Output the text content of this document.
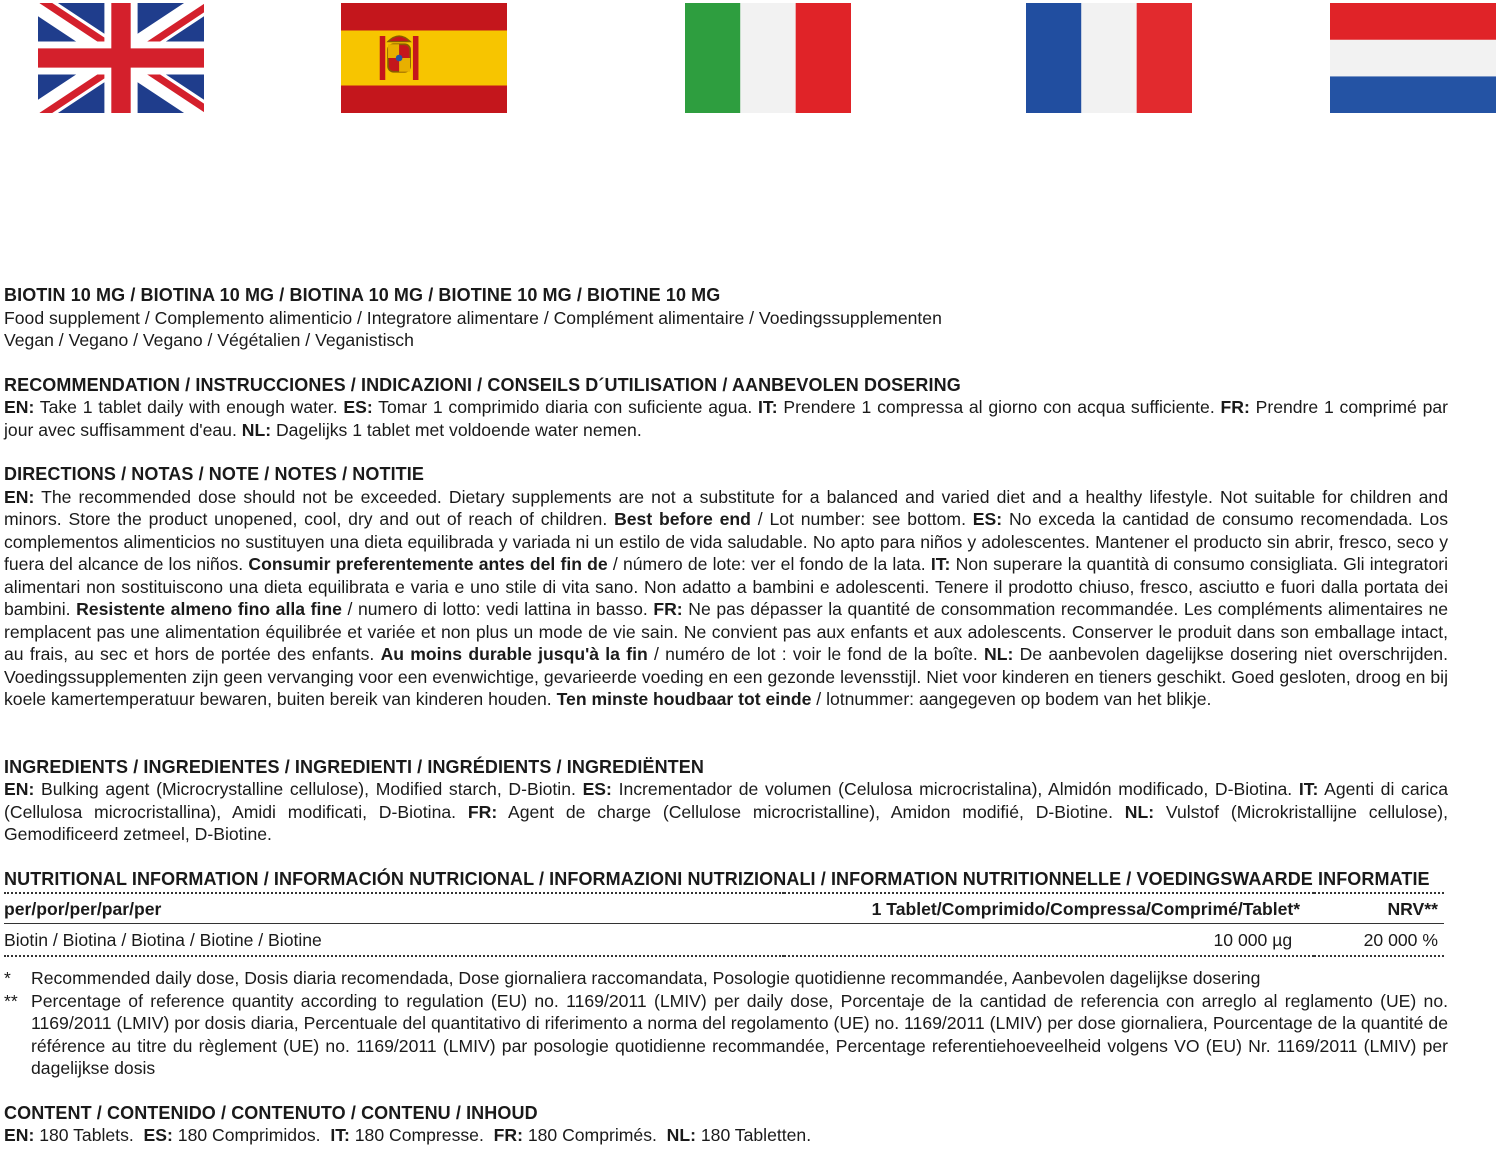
BIOTIN 10 MG / BIOTINA 10 MG / BIOTINA 10 MG / BIOTINE 10 MG / BIOTINE 10 MG
Food supplement / Complemento alimenticio / Integratore alimentare / Complément alimentaire / Voedingssupplementen
Vegan / Vegano / Vegano / Végétalien / Veganistisch
RECOMMENDATION / INSTRUCCIONES / INDICAZIONI / CONSEILS D´UTILISATION / AANBEVOLEN DOSERING
EN: Take 1 tablet daily with enough water. ES: Tomar 1 comprimido diaria con suficiente agua. IT: Prendere 1 compressa al giorno con acqua sufficiente. FR: Prendre 1 comprimé par jour avec suffisamment d'eau. NL: Dagelijks 1 tablet met voldoende water nemen.
DIRECTIONS / NOTAS / NOTE / NOTES / NOTITIE
EN: The recommended dose should not be exceeded. Dietary supplements are not a substitute for a balanced and varied diet and a healthy lifestyle. Not suitable for children and minors. Store the product unopened, cool, dry and out of reach of children. Best before end / Lot number: see bottom. ES: No exceda la cantidad de consumo recomendada. Los complementos alimenticios no sustituyen una dieta equilibrada y variada ni un estilo de vida saludable. No apto para niños y adolescentes. Mantener el producto sin abrir, fresco, seco y fuera del alcance de los niños. Consumir preferentemente antes del fin de / número de lote: ver el fondo de la lata. IT: Non superare la quantità di consumo consigliata. Gli integratori alimentari non sostituiscono una dieta equilibrata e varia e uno stile di vita sano. Non adatto a bambini e adolescenti. Tenere il prodotto chiuso, fresco, asciutto e fuori dalla portata dei bambini. Resistente almeno fino alla fine / numero di lotto: vedi lattina in basso. FR: Ne pas dépasser la quantité de consommation recommandée. Les compléments alimentaires ne remplacent pas une alimentation équilibrée et variée et non plus un mode de vie sain. Ne convient pas aux enfants et aux adolescents. Conserver le produit dans son emballage intact, au frais, au sec et hors de portée des enfants. Au moins durable jusqu'à la fin / numéro de lot : voir le fond de la boîte. NL: De aanbevolen dagelijkse dosering niet overschrijden. Voedingssupplementen zijn geen vervanging voor een evenwichtige, gevarieerde voeding en een gezonde levensstijl. Niet voor kinderen en tieners geschikt. Goed gesloten, droog en bij koele kamertemperatuur bewaren, buiten bereik van kinderen houden. Ten minste houdbaar tot einde / lotnummer: aangegeven op bodem van het blikje.
INGREDIENTS / INGREDIENTES / INGREDIENTI / INGRÉDIENTS / INGREDIËNTEN
EN: Bulking agent (Microcrystalline cellulose), Modified starch, D-Biotin. ES: Incrementador de volumen (Celulosa microcristalina), Almidón modificado, D-Biotina. IT: Agenti di carica (Cellulosa microcristallina), Amidi modificati, D-Biotina. FR: Agent de charge (Cellulose microcristalline), Amidon modifié, D-Biotine. NL: Vulstof (Microkristallijne cellulose), Gemodificeerd zetmeel, D-Biotine.
NUTRITIONAL INFORMATION / INFORMACIÓN NUTRICIONAL / INFORMAZIONI NUTRIZIONALI / INFORMATION NUTRITIONNELLE / VOEDINGSWAARDE INFORMATIE
per/por/per/par/per	1 Tablet/Comprimido/Compressa/Comprimé/Tablet*	NRV**
Biotin / Biotina / Biotina / Biotine / Biotine	10 000 µg	20 000 %
*	Recommended daily dose, Dosis diaria recomendada, Dose giornaliera raccomandata, Posologie quotidienne recommandée, Aanbevolen dagelijkse dosering
** Percentage of reference quantity according to regulation (EU) no. 1169/2011 (LMIV) per daily dose, Porcentaje de la cantidad de referencia con arreglo al reglamento (UE) no. 1169/2011 (LMIV) por dosis diaria, Percentuale del quantitativo di riferimento a norma del regolamento (UE) no. 1169/2011 (LMIV) per dose giornaliera, Pourcentage de la quantité de référence au titre du règlement (UE) no. 1169/2011 (LMIV) par posologie quotidienne recommandée, Percentage referentiehoeveelheid volgens VO (EU) Nr. 1169/2011 (LMIV) per dagelijkse dosis
CONTENT / CONTENIDO / CONTENUTO / CONTENU / INHOUD
EN: 180 Tablets.  ES: 180 Comprimidos.  IT: 180 Compresse.  FR: 180 Comprimés.  NL: 180 Tabletten.
